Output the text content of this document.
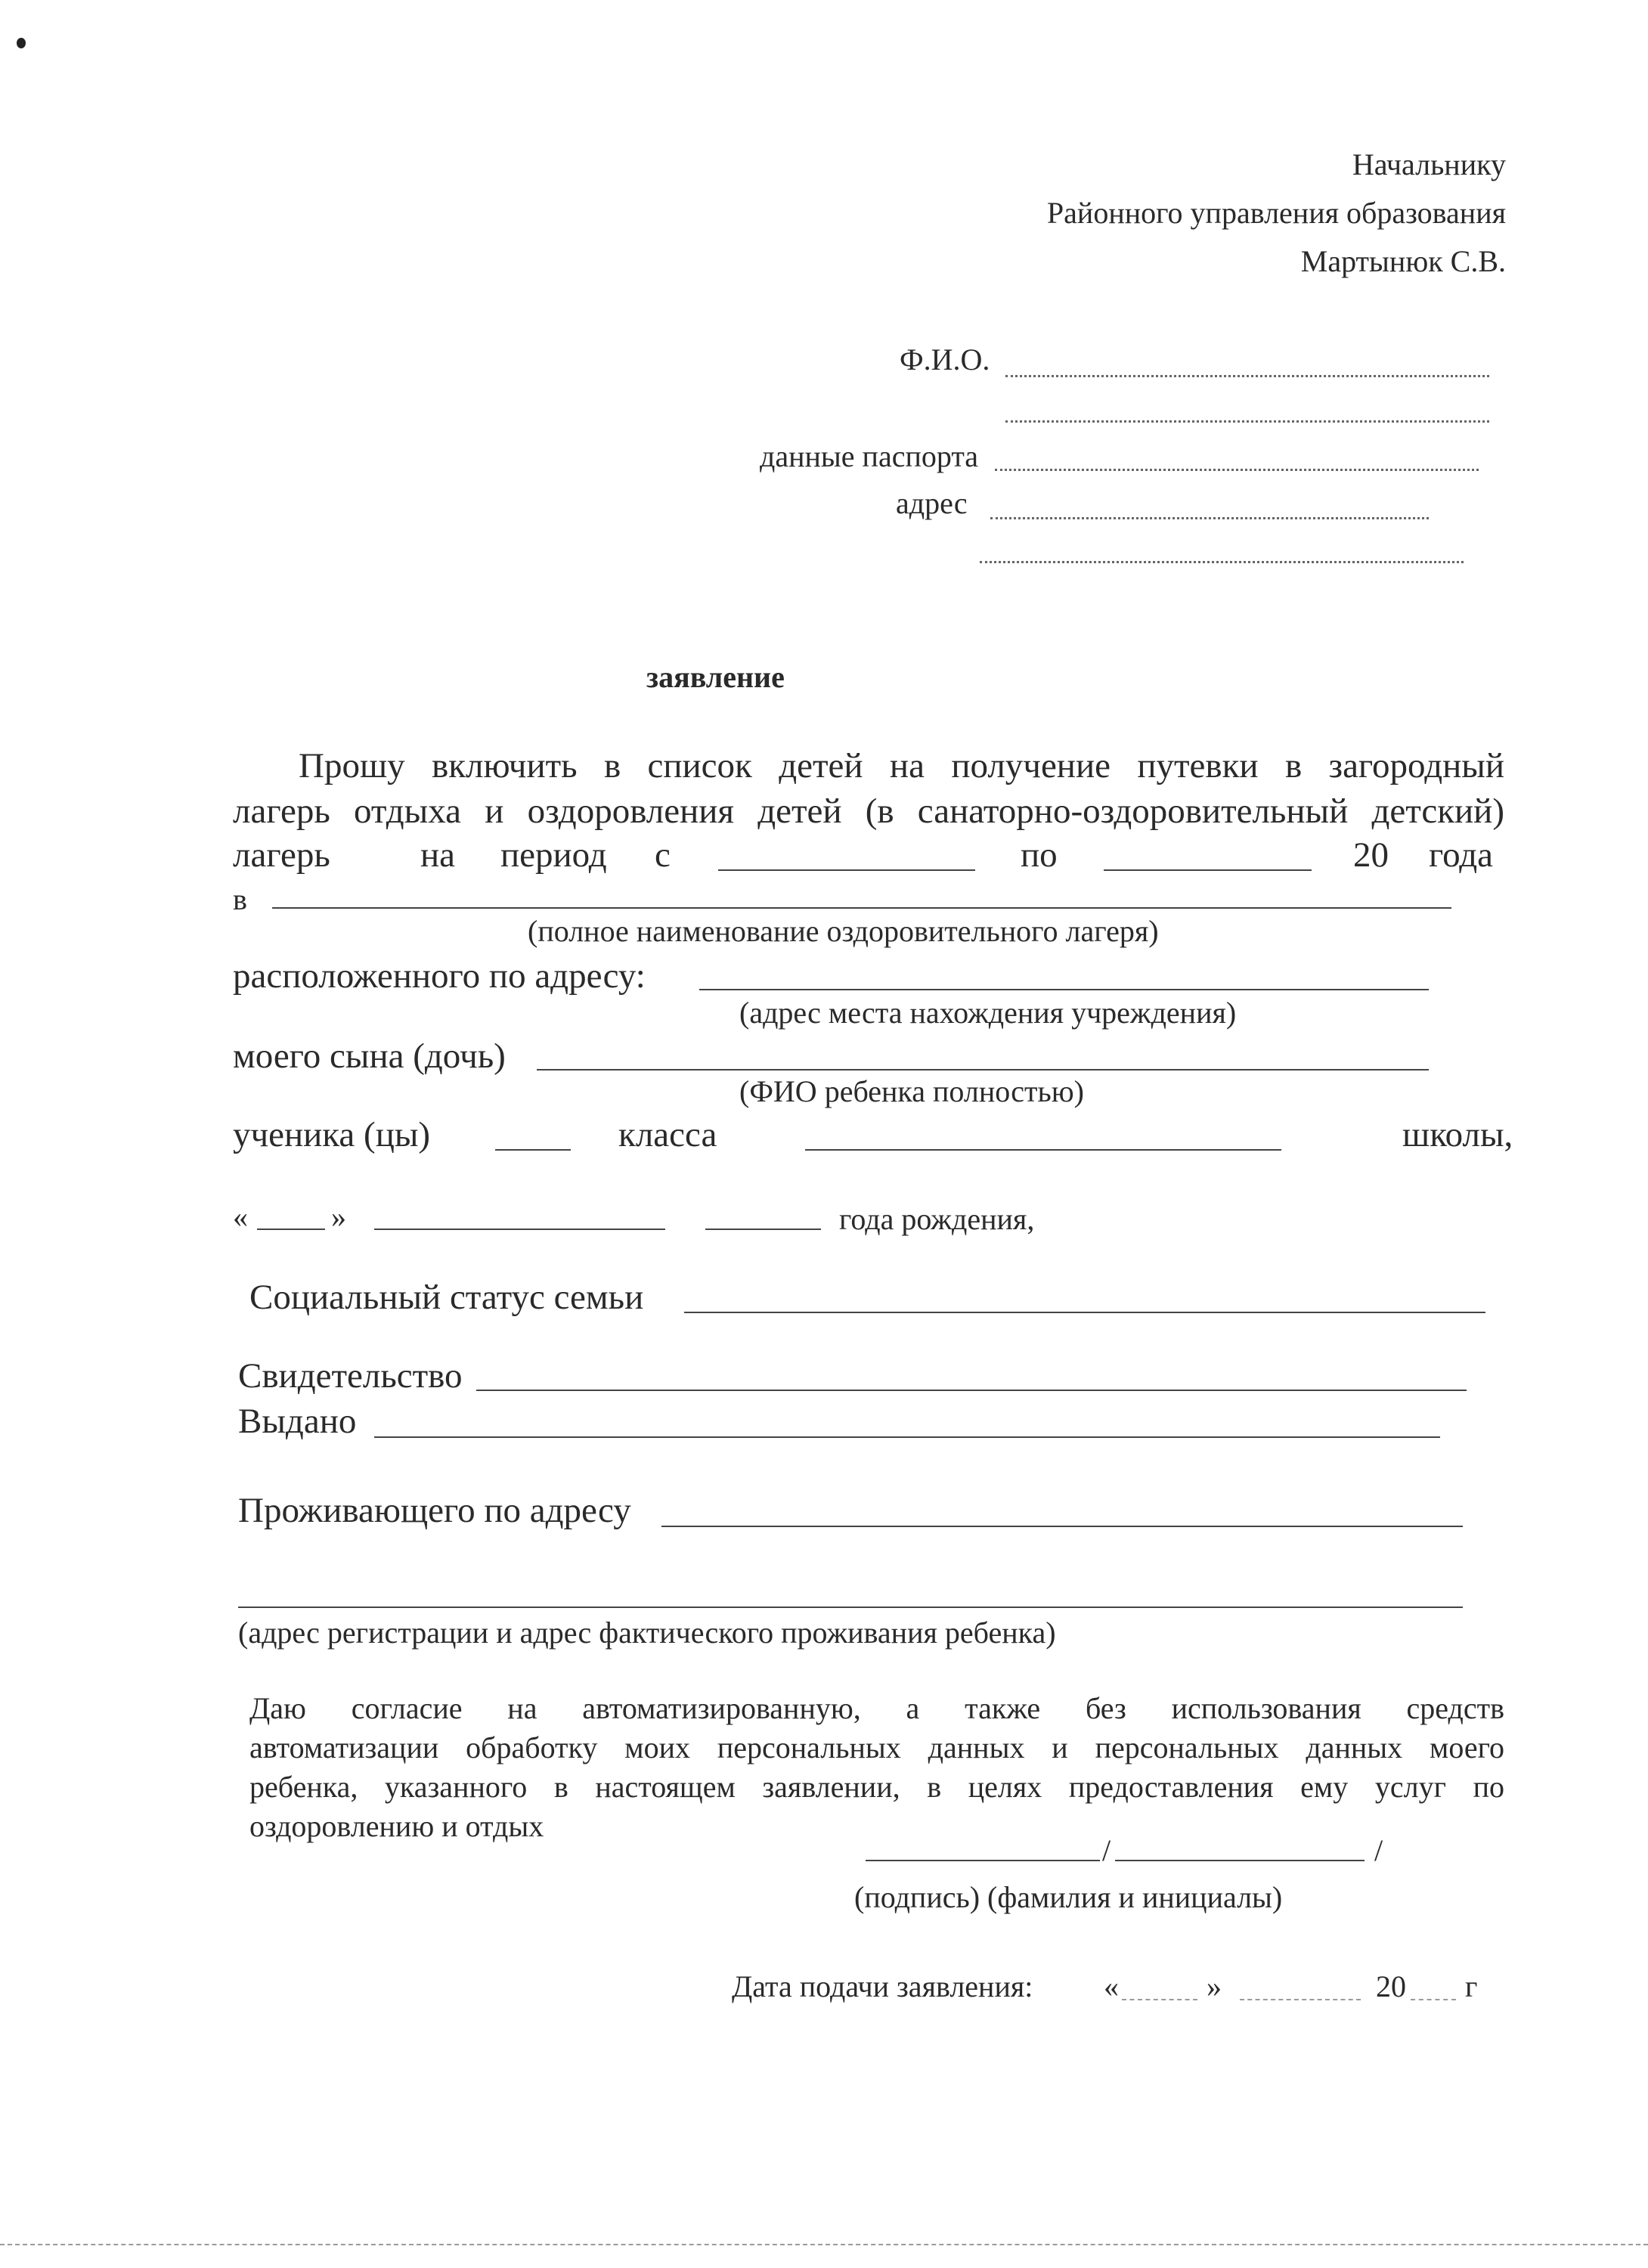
Начальнику
Районного управления образования
Мартынюк С.В.
Ф.И.О.
данные паспорта
адрес
заявление
Прошу включить в список детей на получение путевки в загородный
лагерь отдыха и оздоровления детей (в санаторно-оздоровительный детский)
лагерь	на период с	по	20 года
в
(полное наименование оздоровительного лагеря)
расположенного по адресу:
(адрес места нахождения учреждения)
моего сына (дочь)
(ФИО ребенка полностью)
ученика (цы)	класса	школы,
«	»	года рождения,
Социальный статус семьи
Свидетельство
Выдано
Проживающего по адресу
(адрес регистрации и адрес фактического проживания ребенка)
Даю согласие на автоматизированную, а также без использования средств
автоматизации обработку моих персональных данных и персональных данных моего
ребенка, указанного в настоящем заявлении, в целях предоставления ему услуг по
оздоровлению и отдых
/	/
(подпись) (фамилия и инициалы)
Дата подачи заявления: «	»	20 г
